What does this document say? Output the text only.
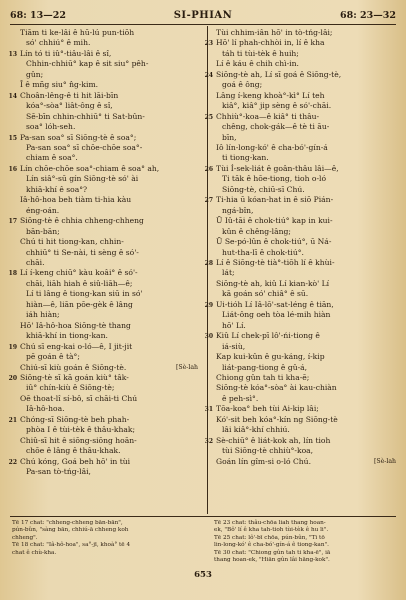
68: 13—22	SI-PHIAN	68: 23—32
Tiām ti ke-lâi ê hū-lú pun-tiōh
só' chhiú° ê mih.
13 Lín tó ti iû°-tiâu-lâi ê sî,
Chhin-chhiū° kap ê sit siu° pêh-
gûn;
Î ê mñg siu° n̂g-kim.
14 Choân-lêng-ê ti hit lāi-bīn
kóa°-sòa° liât-ông ê sî,
Sē-bīn chhin-chhiū° ti Sat-bûn-
soa° lóh-seh.
15 Pa-san soa° sī Siōng-tè ê soa°;
Pa-san soa° sī chōe-chōe soa°-
chiam ê soa°.
16 Lín chōe-chōe soa°-chiam ê soa° ah,
Lín siâ°-sū gín Siōng-tè só' ài
khiā-khí ê soa°?
Iâ-hô-hoa beh tiàm ti-hia kàu
éng-oán.
17 Siōng-tè ê chhia chheng-chheng
bān-bān;
Chú ti hit tiong-kan, chhin-
chhiū° ti Se-nài, ti sèng ê só'-
chāi.
18 Lí í-keng chiū° kàu koâi° ê só'-
chāi, liāh hiah ê siû-liāh—ê;
Lí ti lâng ê tiong-kan siū in só'
hiàn—ê, liān pōe-gèk ê lâng
iáh hiàn;
Hō' Iâ-hô-hoa Siōng-tè thang
khiā-khí in tiong-kan.
19 Chú sī eng-kai o-ló—ê, I jit-jit
pē goán ê tà°;
[Sè-lah
Chiú-sī kiù goán ê Siōng-tè.
20 Siōng-tè sī kā goán kiù° tâk-
iû° chín-kiù ê Siōng-tè;
Oē thoat-lî sí-bô, sī chāi-ti Chú
Iâ-hô-hoa.
21 Chóng-sī Siōng-tè beh phah-
phòa I ê tùi-tèk ê thâu-khak;
Chiû-sī hit ê siōng-siōng hoān-
chōe ê lâng ê thâu-khak.
22 Chú kóng, Goá beh hō' in tùi
Pa-san tò-tńg-lâi,
Tùi chhim-iân hō' in tò-tńg-lâi;
23 Hō' lí phah-chhòi in, lí ê kha
táh ti tùi-tèk ê huih;
Lí ê káu ê chih chì-in.
24 Siōng-tè ah, Lí sī goá ê Siōng-tè,
goá ê ông;
Lâng í-keng khoà°-kì° Lí teh
kiâ°, kiâ° jip sèng ê só'-chāi.
25 Chhiù°-koa—ê kiâ° ti thâu-
chêng, chok-gák—ê tè ti āu-
bīn,
Iô lín-long-kó' ê cha-bó'-gín-á
ti tiong-kan.
26 Tùi Í-sek-liát ê goân-thâu lâi—ê,
Ti tāk ê hōe-tiong, tioh o-ló
Siōng-tè, chiū-sī Chú.
27 Ti-hia ū kóan-hat in ê siō Pián-
ngá-bîn,
Ū Iû-tāi ê chok-tiú° kap in kui-
kûn ê chêng-lâng;
Ū Se-pó-lûn ê chok-tiú°, ū Ná-
hut-tha-lī ê chok-tiú°.
28 Lí ê Siōng-tè tià°-tiōh lí ê khùi-
lát;
Siōng-tè ah, kiû Lí kian-kò' Lí
kā goán só' chiâ° ê sū.
29 Ui-tióh Lí Iâ-lō'-sat-léng ê tiān,
Liát-ông oeh tòa lé-mih hiàn
hō' Lí.
30 Kiû Lí chek-pī lô'-ńi-tiong ê
iá-siù,
Kap kui-kûn ê gu-káng, í-kip
liát-pang-tiong ê gû-á,
Chiong gûn tah ti kha-ē;
Siōng-tè kóa°-sòa° ài kau-chiàn
ê peh-sì°.
31 Tōa-koa° beh tùi Ai-kip lâi;
Kó'-sit beh kóa°-kín ng Siōng-tè
lâi kiâ°-khí chhiú.
32 Sè-chiū° ê liát-kok ah, lín tioh
tùi Siōng-tè chhiù°-koa,
[Sè-lah
Goán lín gîm-si o-ló Chú.
Tē 17 chat: "chheng-chheng bān-bān",
pún-bûn, "sàng bān, chhiú-ā chheng koh
chheng".
Tē 18 chat: "Iâ-hô-hoa", sa°-jī, khoà° tē 4
chat ê chù-kha.
Tē 23 chat: thâu-chōa liah thang hoan-
ek, "Bô' lí ê kha tah-tioh tùi-tèk ê hu li".
Tē 25 chat: lô'-bī chōa, pún-bûn, "Ti tō
lin-long-kó' ê cha-bó'-gín-á ê tiong-kan".
Tē 30 chat: "Chiong gûn tah ti kha-ē", iā
thang hoan-ek, "Hiān gûn lâi hāng-kok".
653
